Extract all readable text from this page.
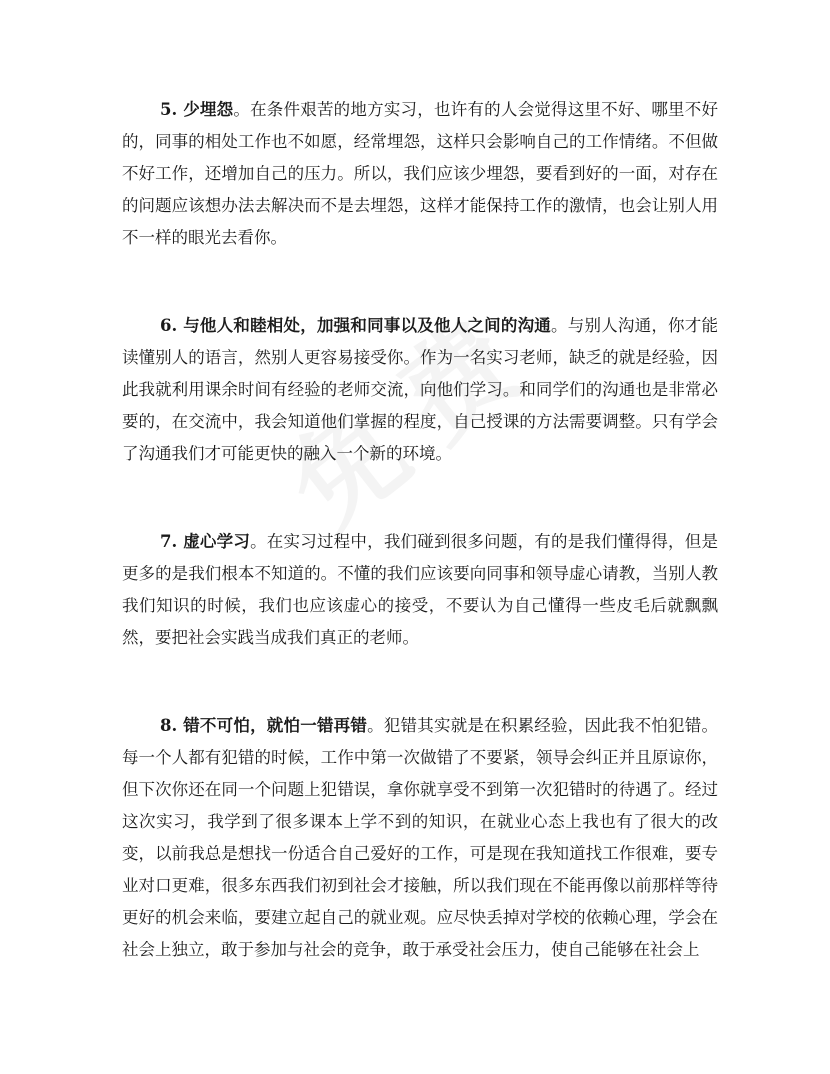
5. 少埋怨。在条件艰苦的地方实习，也许有的人会觉得这里不好、哪里不好的，同事的相处工作也不如愿，经常埋怨，这样只会影响自己的工作情绪。不但做不好工作，还增加自己的压力。所以，我们应该少埋怨，要看到好的一面，对存在的问题应该想办法去解决而不是去埋怨，这样才能保持工作的激情，也会让别人用不一样的眼光去看你。

6. 与他人和睦相处，加强和同事以及他人之间的沟通。与别人沟通，你才能读懂别人的语言，然别人更容易接受你。作为一名实习老师，缺乏的就是经验，因此我就利用课余时间有经验的老师交流，向他们学习。和同学们的沟通也是非常必要的，在交流中，我会知道他们掌握的程度，自己授课的方法需要调整。只有学会了沟通我们才可能更快的融入一个新的环境。

7. 虚心学习。在实习过程中，我们碰到很多问题，有的是我们懂得得，但是更多的是我们根本不知道的。不懂的我们应该要向同事和领导虚心请教，当别人教我们知识的时候，我们也应该虚心的接受，不要认为自己懂得一些皮毛后就飘飘然，要把社会实践当成我们真正的老师。

8. 错不可怕，就怕一错再错。犯错其实就是在积累经验，因此我不怕犯错。每一个人都有犯错的时候，工作中第一次做错了不要紧，领导会纠正并且原谅你，但下次你还在同一个问题上犯错误，拿你就享受不到第一次犯错时的待遇了。经过这次实习，我学到了很多课本上学不到的知识，在就业心态上我也有了很大的改变，以前我总是想找一份适合自己爱好的工作，可是现在我知道找工作很难，要专业对口更难，很多东西我们初到社会才接触，所以我们现在不能再像以前那样等待更好的机会来临，要建立起自己的就业观。应尽快丢掉对学校的依赖心理，学会在社会上独立，敢于参加与社会的竞争，敢于承受社会压力，使自己能够在社会上
